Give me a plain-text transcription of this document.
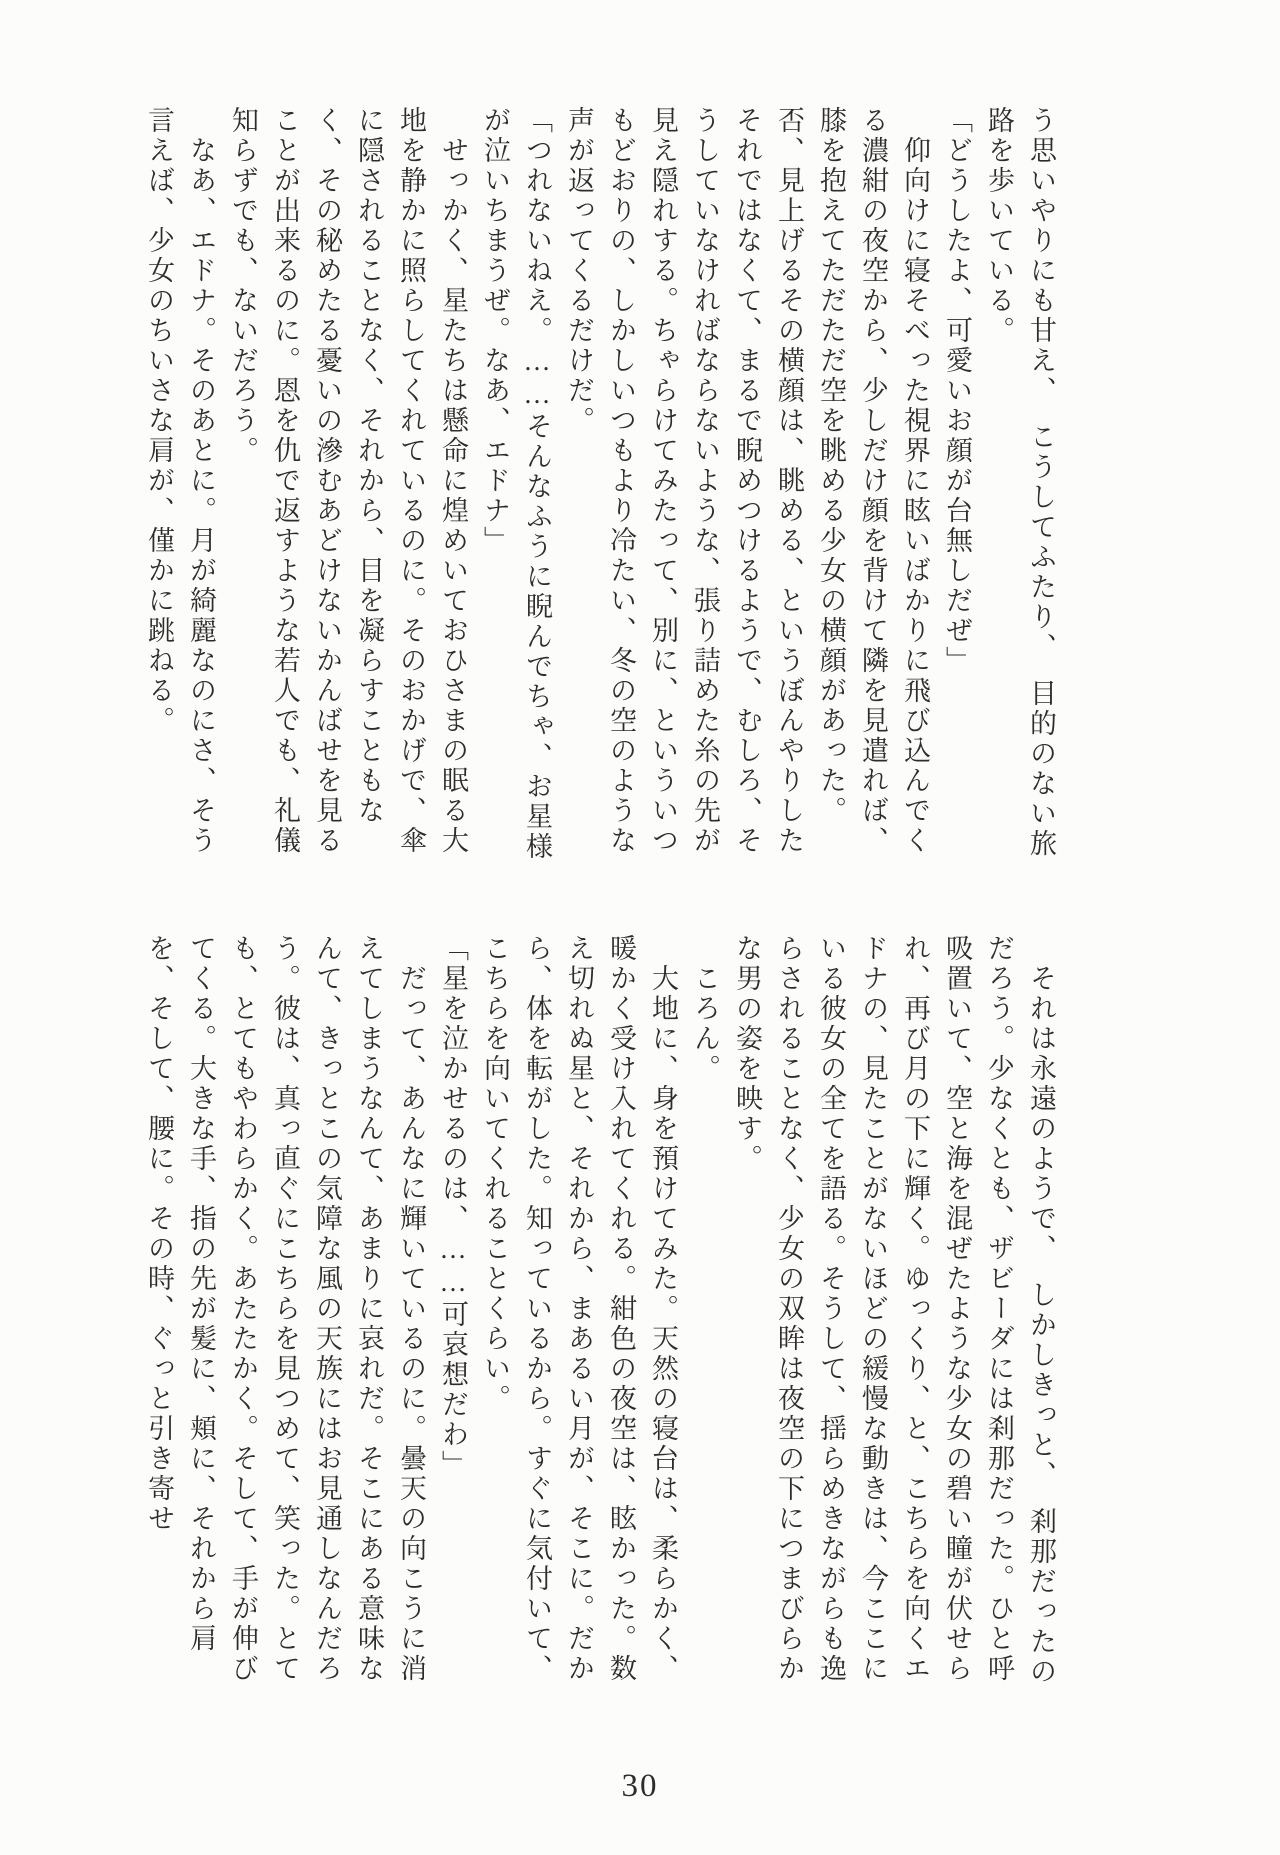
う思いやりにも甘え、　こうしてふたり、　目的のない旅路を歩いている。

「どうしたよ、可愛いお顔が台無しだぜ」

　仰向けに寝そべった視界に眩いばかりに飛び込んでくる濃紺の夜空から、少しだけ顔を背けて隣を見遣れば、膝を抱えてただただ空を眺める少女の横顔があった。否、見上げるその横顔は、眺める、というぼんやりしたそれではなくて、まるで睨めつけるようで、むしろ、そうしていなければならないような、張り詰めた糸の先が見え隠れする。ちゃらけてみたって、別に、といういつもどおりの、しかしいつもより冷たい、冬の空のような声が返ってくるだけだ。

「つれないねえ。……そんなふうに睨んでちゃ、お星様が泣いちまうぜ。なあ、エドナ」

　せっかく、星たちは懸命に煌めいておひさまの眠る大地を静かに照らしてくれているのに。そのおかげで、傘に隠されることなく、それから、目を凝らすこともなく、その秘めたる憂いの滲むあどけないかんばせを見ることが出来るのに。恩を仇で返すような若人でも、礼儀知らずでも、ないだろう。

　なあ、エドナ。そのあとに。月が綺麗なのにさ、そう言えば、少女のちいさな肩が、僅かに跳ねる。

　それは永遠のようで、　しかしきっと、　刹那だったのだろう。少なくとも、ザビーダには刹那だった。ひと呼吸置いて、空と海を混ぜたような少女の碧い瞳が伏せられ、再び月の下に輝く。ゆっくり、と、こちらを向くエドナの、見たことがないほどの緩慢な動きは、今ここにいる彼女の全てを語る。そうして、揺らめきながらも逸らされることなく、少女の双眸は夜空の下につまびらかな男の姿を映す。

　ころん。

　大地に、身を預けてみた。天然の寝台は、柔らかく、暖かく受け入れてくれる。紺色の夜空は、眩かった。数え切れぬ星と、それから、まあるい月が、そこに。だから、体を転がした。知っているから。すぐに気付いて、こちらを向いてくれることくらい。

「星を泣かせるのは、……可哀想だわ」

　だって、あんなに輝いているのに。曇天の向こうに消えてしまうなんて、あまりに哀れだ。そこにある意味なんて、きっとこの気障な風の天族にはお見通しなんだろう。彼は、真っ直ぐにこちらを見つめて、笑った。とても、とてもやわらかく。あたたかく。そして、手が伸びてくる。大きな手、指の先が髪に、頬に、それから肩を、そして、腰に。その時、ぐっと引き寄せ

30
